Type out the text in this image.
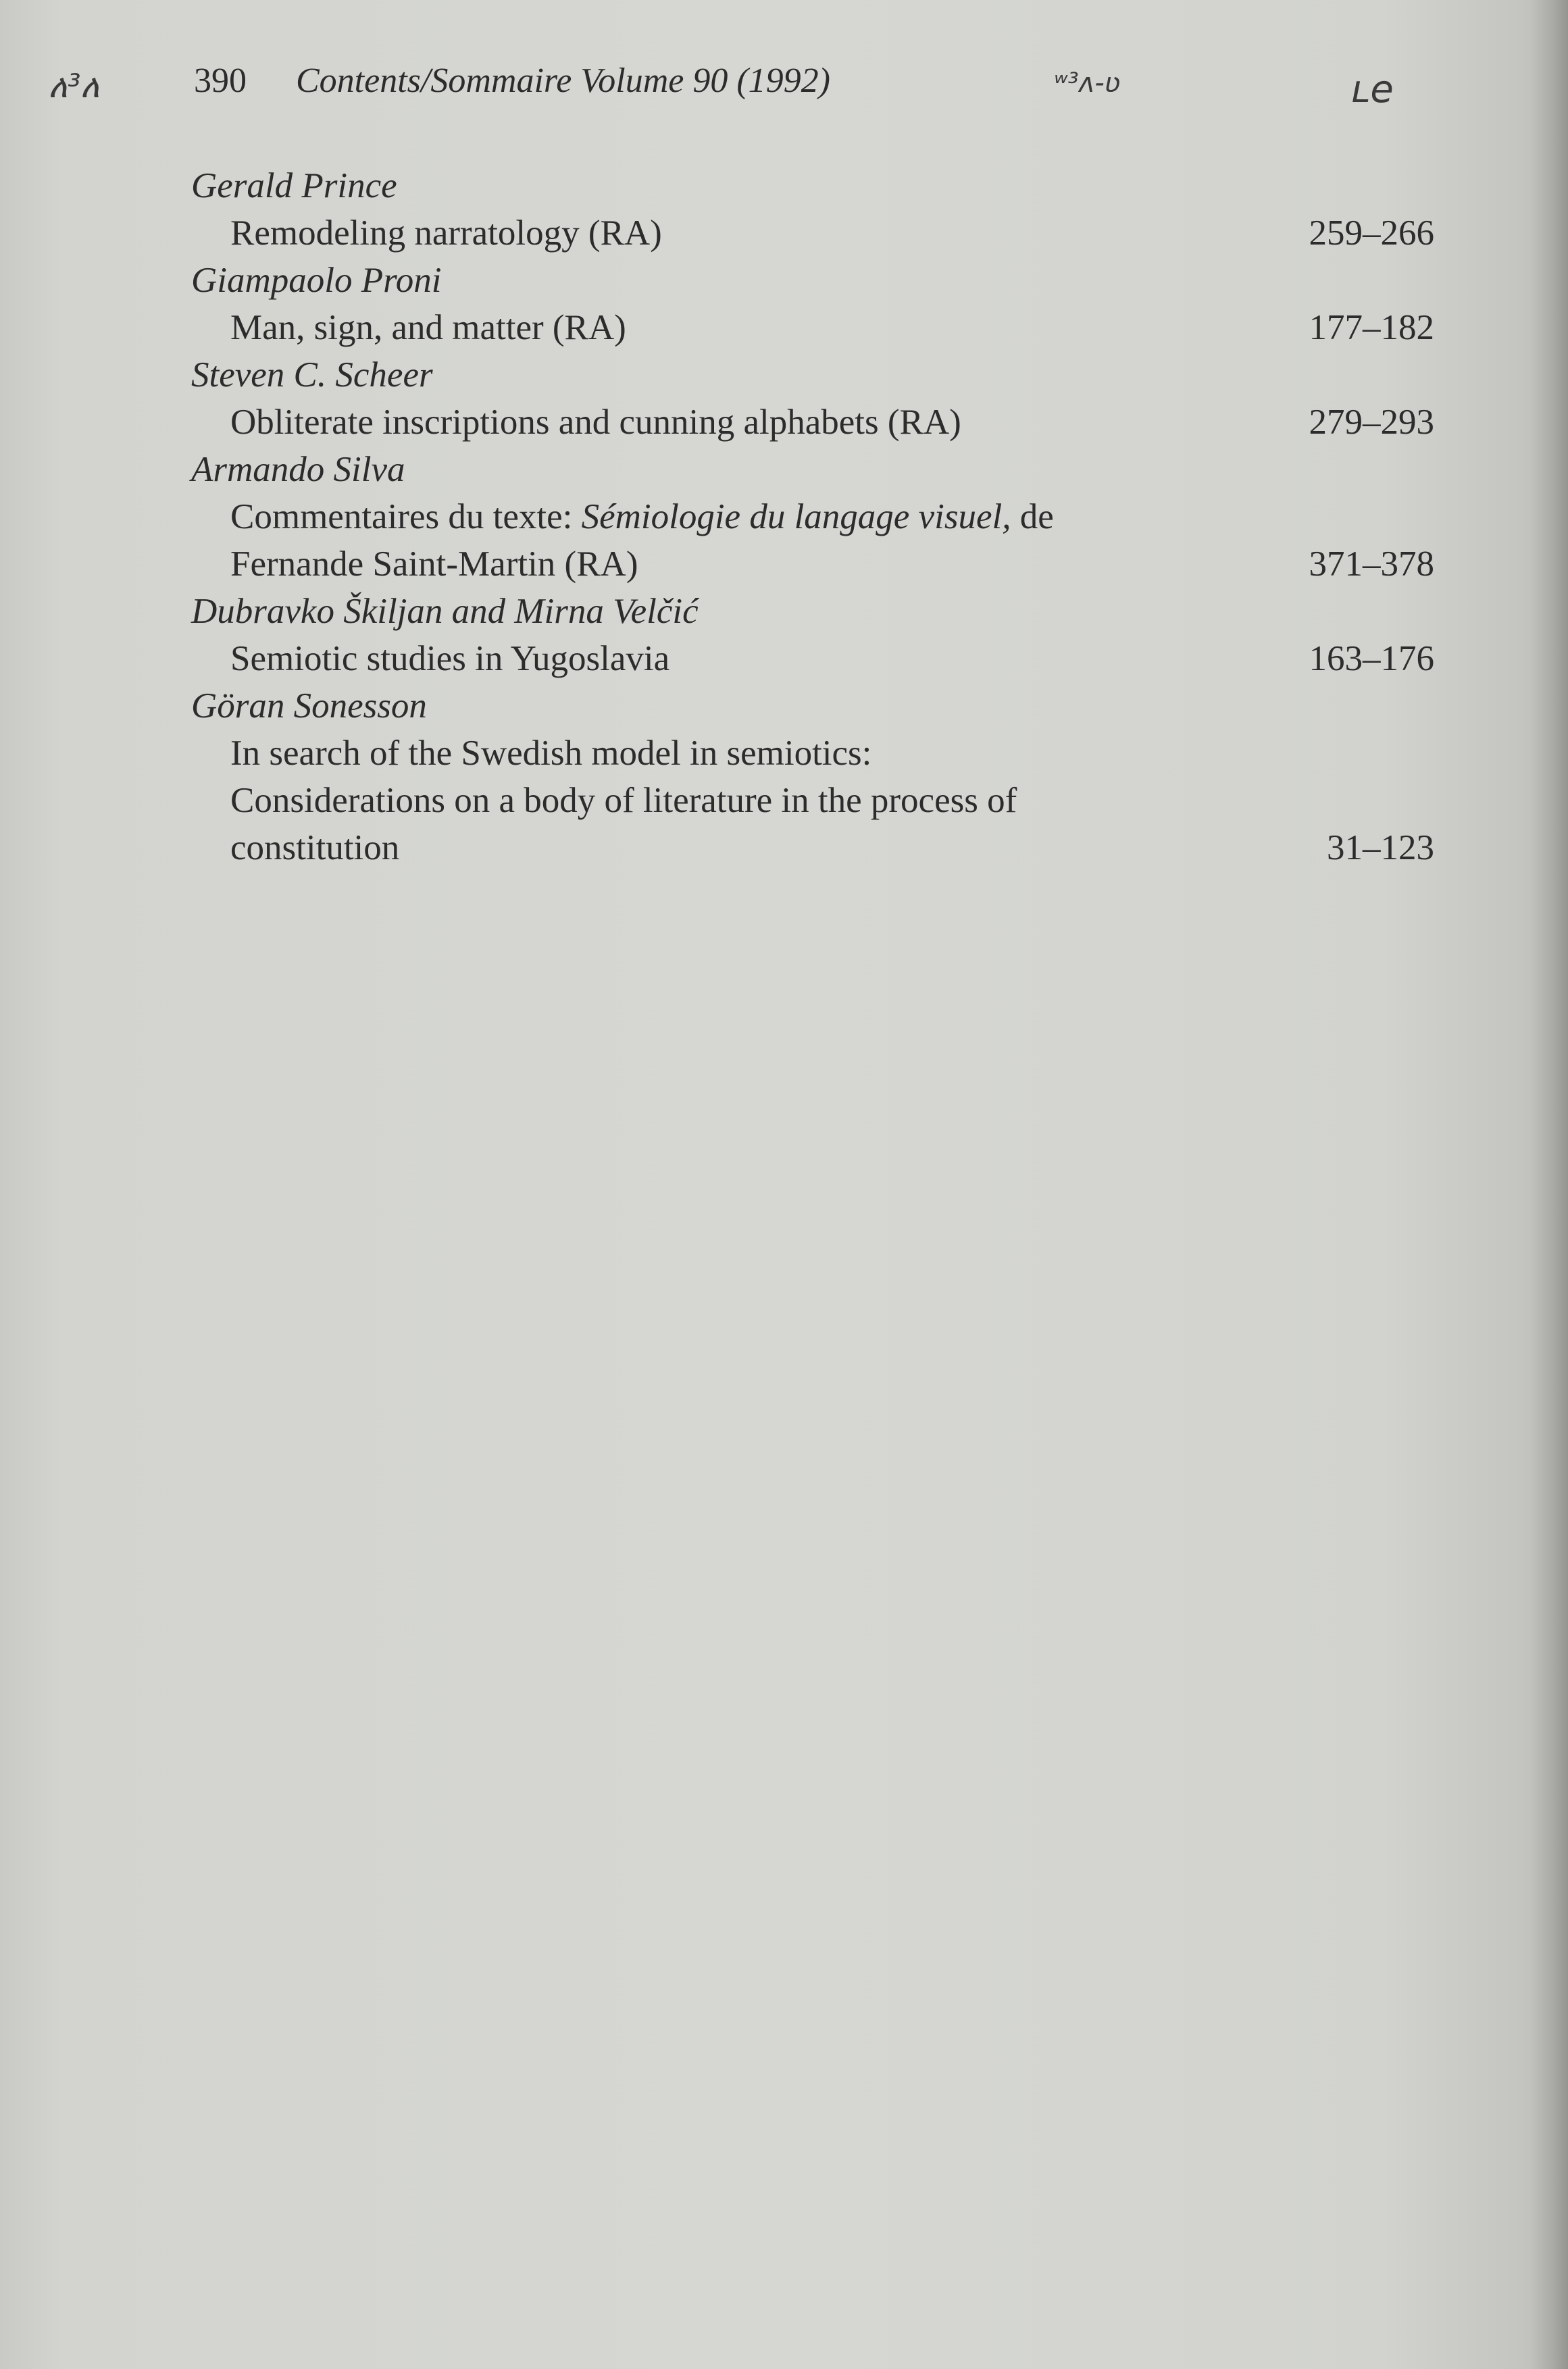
ለ³ለ	390 Contents/Sommaire Volume 90 (1992)	ʷ³ʌ-ʋ	ʟe
Gerald Prince
Remodeling narratology (RA)	259–266
Giampaolo Proni
Man, sign, and matter (RA)	177–182
Steven C. Scheer
Obliterate inscriptions and cunning alphabets (RA)	279–293
Armando Silva
Commentaires du texte: Sémiologie du langage visuel, de
Fernande Saint-Martin (RA)	371–378
Dubravko Škiljan and Mirna Velčić
Semiotic studies in Yugoslavia	163–176
Göran Sonesson
In search of the Swedish model in semiotics:
Considerations on a body of literature in the process of
constitution	31–123
